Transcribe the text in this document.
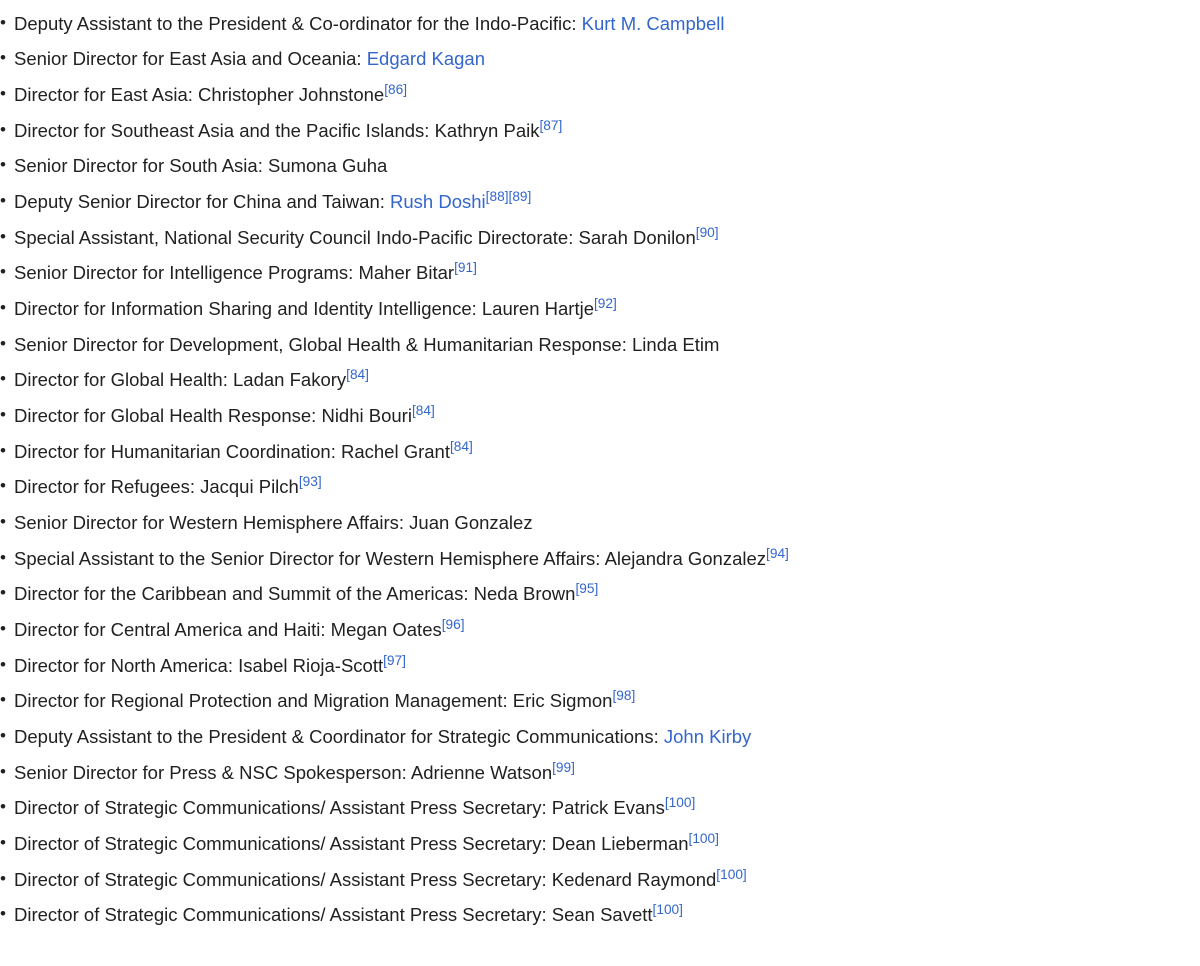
• Deputy Assistant to the President & Co-ordinator for the Indo-Pacific: Kurt M. Campbell
• Senior Director for East Asia and Oceania: Edgard Kagan
• Director for East Asia: Christopher Johnstone[86]
• Director for Southeast Asia and the Pacific Islands: Kathryn Paik[87]
• Senior Director for South Asia: Sumona Guha
• Deputy Senior Director for China and Taiwan: Rush Doshi[88][89]
• Special Assistant, National Security Council Indo-Pacific Directorate: Sarah Donilon[90]
• Senior Director for Intelligence Programs: Maher Bitar[91]
• Director for Information Sharing and Identity Intelligence: Lauren Hartje[92]
• Senior Director for Development, Global Health & Humanitarian Response: Linda Etim
• Director for Global Health: Ladan Fakory[84]
• Director for Global Health Response: Nidhi Bouri[84]
• Director for Humanitarian Coordination: Rachel Grant[84]
• Director for Refugees: Jacqui Pilch[93]
• Senior Director for Western Hemisphere Affairs: Juan Gonzalez
• Special Assistant to the Senior Director for Western Hemisphere Affairs: Alejandra Gonzalez[94]
• Director for the Caribbean and Summit of the Americas: Neda Brown[95]
• Director for Central America and Haiti: Megan Oates[96]
• Director for North America: Isabel Rioja-Scott[97]
• Director for Regional Protection and Migration Management: Eric Sigmon[98]
• Deputy Assistant to the President & Coordinator for Strategic Communications: John Kirby
• Senior Director for Press & NSC Spokesperson: Adrienne Watson[99]
• Director of Strategic Communications/ Assistant Press Secretary: Patrick Evans[100]
• Director of Strategic Communications/ Assistant Press Secretary: Dean Lieberman[100]
• Director of Strategic Communications/ Assistant Press Secretary: Kedenard Raymond[100]
• Director of Strategic Communications/ Assistant Press Secretary: Sean Savett[100]
